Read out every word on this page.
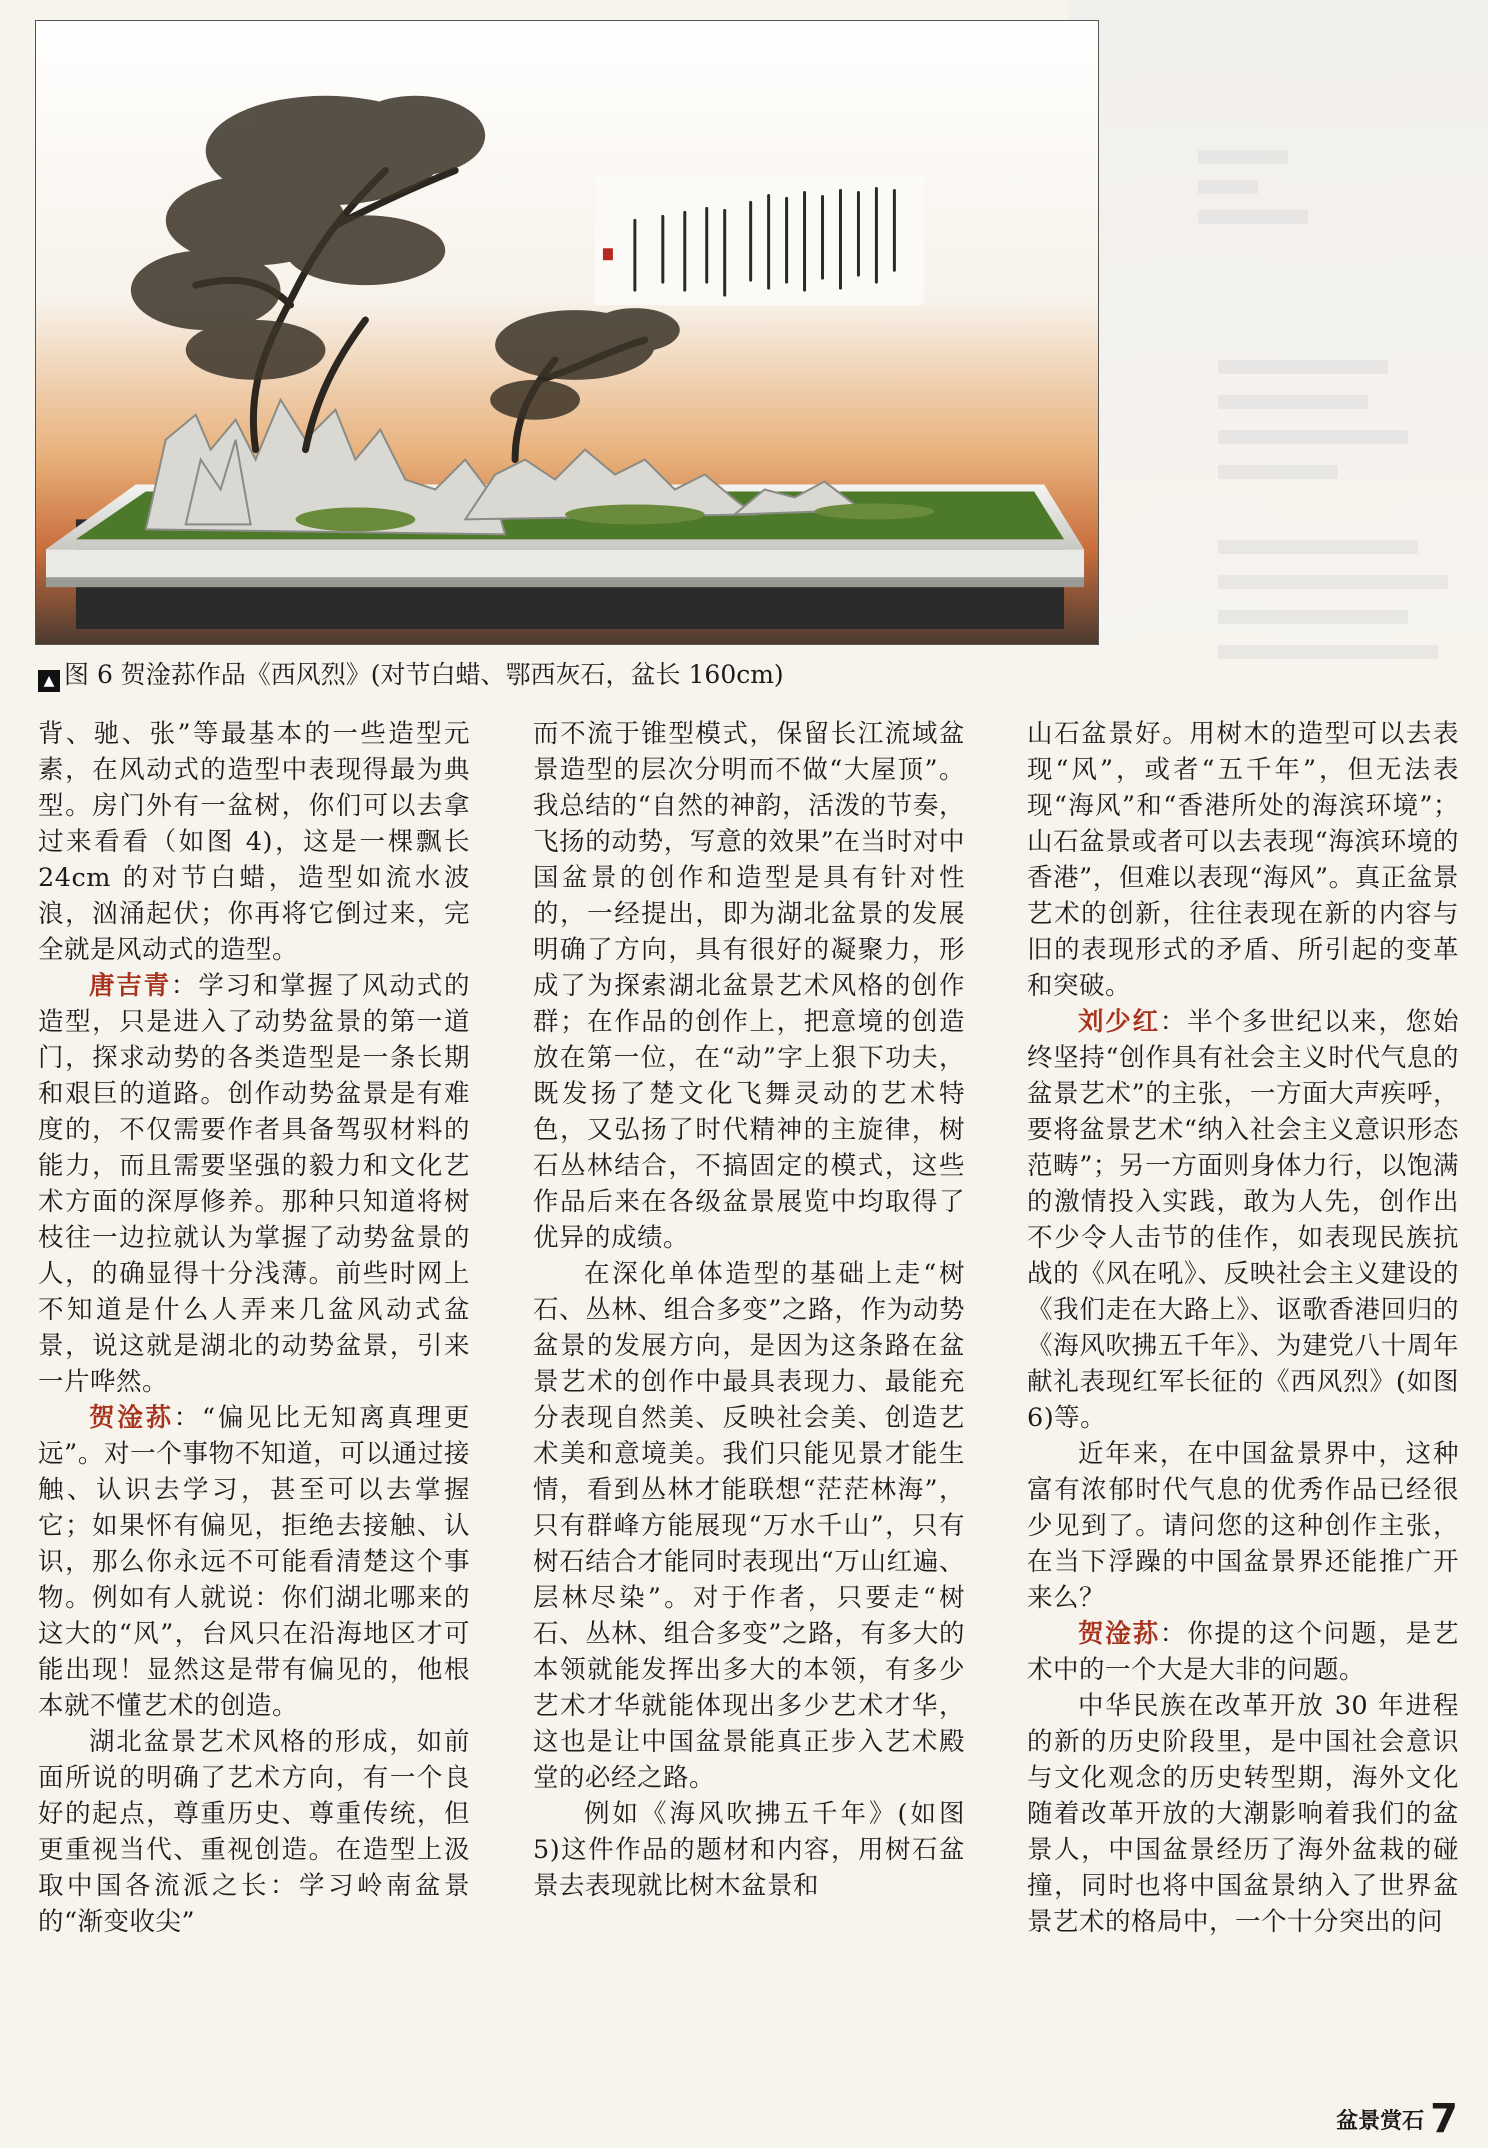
▲ 图 6 贺淦荪作品《西风烈》(对节白蜡、鄂西灰石，盆长 160cm)

背、驰、张”等最基本的一些造型元素，在风动式的造型中表现得最为典型。房门外有一盆树，你们可以去拿过来看看（如图 4)，这是一棵飘长 24cm 的对节白蜡，造型如流水波浪，汹涌起伏；你再将它倒过来，完全就是风动式的造型。

唐吉青：学习和掌握了风动式的造型，只是进入了动势盆景的第一道门，探求动势的各类造型是一条长期和艰巨的道路。创作动势盆景是有难度的，不仅需要作者具备驾驭材料的能力，而且需要坚强的毅力和文化艺术方面的深厚修养。那种只知道将树枝往一边拉就认为掌握了动势盆景的人，的确显得十分浅薄。前些时网上不知道是什么人弄来几盆风动式盆景，说这就是湖北的动势盆景，引来一片哗然。

贺淦荪：“偏见比无知离真理更远”。对一个事物不知道，可以通过接触、认识去学习，甚至可以去掌握它；如果怀有偏见，拒绝去接触、认识，那么你永远不可能看清楚这个事物。例如有人就说：你们湖北哪来的这大的“风”，台风只在沿海地区才可能出现！显然这是带有偏见的，他根本就不懂艺术的创造。

湖北盆景艺术风格的形成，如前面所说的明确了艺术方向，有一个良好的起点，尊重历史、尊重传统，但更重视当代、重视创造。在造型上汲取中国各流派之长：学习岭南盆景的“渐变收尖”

而不流于锥型模式，保留长江流域盆景造型的层次分明而不做“大屋顶”。我总结的“自然的神韵，活泼的节奏，飞扬的动势，写意的效果”在当时对中国盆景的创作和造型是具有针对性的，一经提出，即为湖北盆景的发展明确了方向，具有很好的凝聚力，形成了为探索湖北盆景艺术风格的创作群；在作品的创作上，把意境的创造放在第一位，在“动”字上狠下功夫，既发扬了楚文化飞舞灵动的艺术特色，又弘扬了时代精神的主旋律，树石丛林结合，不搞固定的模式，这些作品后来在各级盆景展览中均取得了优异的成绩。

在深化单体造型的基础上走“树石、丛林、组合多变”之路，作为动势盆景的发展方向，是因为这条路在盆景艺术的创作中最具表现力、最能充分表现自然美、反映社会美、创造艺术美和意境美。我们只能见景才能生情，看到丛林才能联想“茫茫林海”，只有群峰方能展现“万水千山”，只有树石结合才能同时表现出“万山红遍、层林尽染”。对于作者，只要走“树石、丛林、组合多变”之路，有多大的本领就能发挥出多大的本领，有多少艺术才华就能体现出多少艺术才华，这也是让中国盆景能真正步入艺术殿堂的必经之路。

例如《海风吹拂五千年》(如图 5)这件作品的题材和内容，用树石盆景去表现就比树木盆景和

山石盆景好。用树木的造型可以去表现“风”，或者“五千年”，但无法表现“海风”和“香港所处的海滨环境”；山石盆景或者可以去表现“海滨环境的香港”，但难以表现“海风”。真正盆景艺术的创新，往往表现在新的内容与旧的表现形式的矛盾、所引起的变革和突破。

刘少红：半个多世纪以来，您始终坚持“创作具有社会主义时代气息的盆景艺术”的主张，一方面大声疾呼，要将盆景艺术“纳入社会主义意识形态范畴”；另一方面则身体力行，以饱满的激情投入实践，敢为人先，创作出不少令人击节的佳作，如表现民族抗战的《风在吼》、反映社会主义建设的《我们走在大路上》、讴歌香港回归的《海风吹拂五千年》、为建党八十周年献礼表现红军长征的《西风烈》(如图 6)等。

近年来，在中国盆景界中，这种富有浓郁时代气息的优秀作品已经很少见到了。请问您的这种创作主张，在当下浮躁的中国盆景界还能推广开来么？

贺淦荪：你提的这个问题，是艺术中的一个大是大非的问题。

中华民族在改革开放 30 年进程的新的历史阶段里，是中国社会意识与文化观念的历史转型期，海外文化随着改革开放的大潮影响着我们的盆景人，中国盆景经历了海外盆栽的碰撞，同时也将中国盆景纳入了世界盆景艺术的格局中，一个十分突出的问

盆景赏石 7
